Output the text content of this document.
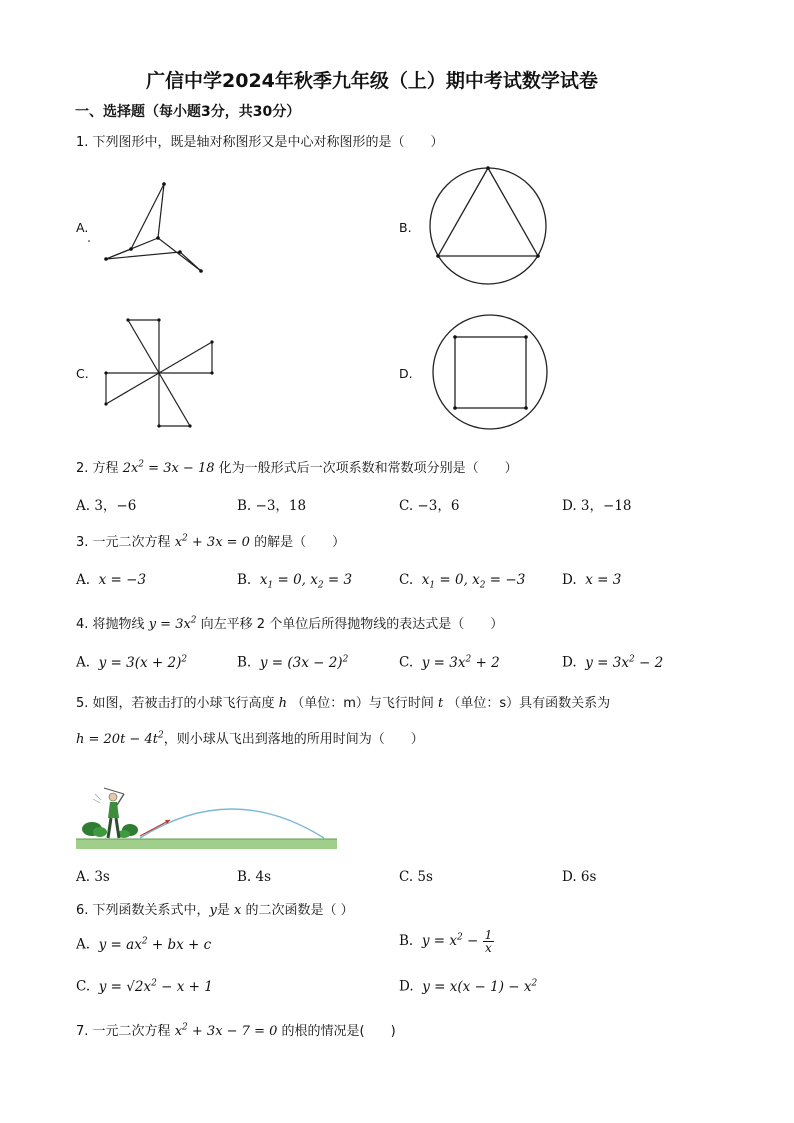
广信中学2024年秋季九年级（上）期中考试数学试卷
一、选择题（每小题3分，共30分）
1. 下列图形中，既是轴对称图形又是中心对称图形的是（　　）
A.	B.
C.	D.
2. 方程 $2x^2 = 3x - 18$ 化为一般形式后一次项系数和常数项分别是（　　）
A. 3，−6	B. −3，18	C. −3，6	D. 3，−18
3. 一元二次方程 $x^2 + 3x = 0$ 的解是（　　）
A. x = −3	B. $x_1 = 0$, $x_2 = 3$	C. $x_1 = 0$, $x_2 = -3$	D. x = 3
4. 将抛物线 $y = 3x^2$ 向左平移 2 个单位后所得抛物线的表达式是（　　）
A. $y = 3(x + 2)^2$	B. $y = (3x - 2)^2$	C. $y = 3x^2 + 2$	D. $y = 3x^2 - 2$
5. 如图，若被击打的小球飞行高度 h （单位：m）与飞行时间 t （单位：s）具有函数关系为
$h = 20t - 4t^2$，则小球从飞出到落地的所用时间为（　　）
A. 3s	B. 4s	C. 5s	D. 6s
6. 下列函数关系式中，y是 x 的二次函数是（ ）
A. $y = ax^2$ + bx + c	B. $y = x^2 - \frac{1}{x}$
C. $y = √2x^2 - x + 1$	D. $y = x(x - 1) - x^2$
7. 一元二次方程 $x^2 + 3x - 7 = 0$ 的根的情况是(　　)
